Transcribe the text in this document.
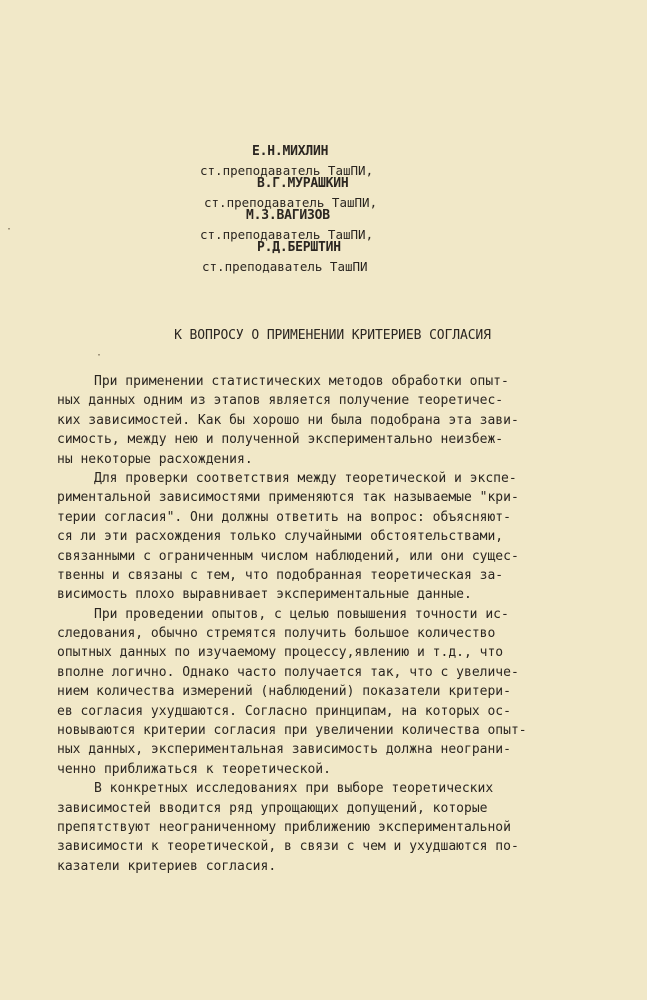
·
·
Е.Н.МИХЛИН
ст.преподаватель ТашПИ,
В.Г.МУРАШКИН
ст.преподаватель ТашПИ,
М.З.ВАГИЗОВ
ст.преподаватель ТашПИ,
Р.Д.БЕРШТИН
ст.преподаватель ТашПИ
К ВОПРОСУ О ПРИМЕНЕНИИ КРИТЕРИЕВ СОГЛАСИЯ
При применении статистических методов обработки опыт-
ных данных одним из этапов является получение теоретичес-
ких зависимостей. Как бы хорошо ни была подобрана эта зави-
симость, между нею и полученной экспериментально неизбеж-
ны некоторые расхождения.
Для проверки соответствия между теоретической и экспе-
риментальной зависимостями применяются так называемые "кри-
терии согласия". Они должны ответить на вопрос: объясняют-
ся ли эти расхождения только случайными обстоятельствами,
связанными с ограниченным числом наблюдений, или они сущес-
твенны и связаны с тем, что подобранная теоретическая за-
висимость плохо выравнивает экспериментальные данные.
При проведении опытов, с целью повышения точности ис-
следования, обычно стремятся получить большое количество
опытных данных по изучаемому процессу,явлению и т.д., что
вполне логично. Однако часто получается так, что с увеличе-
нием количества измерений (наблюдений) показатели критери-
ев согласия ухудшаются. Согласно принципам, на которых ос-
новываются критерии согласия при увеличении количества опыт-
ных данных, экспериментальная зависимость должна неограни-
ченно приближаться к теоретической.
В конкретных исследованиях при выборе теоретических
зависимостей вводится ряд упрощающих допущений, которые
препятствуют неограниченному приближению экспериментальной
зависимости к теоретической, в связи с чем и ухудшаются по-
казатели критериев согласия.
